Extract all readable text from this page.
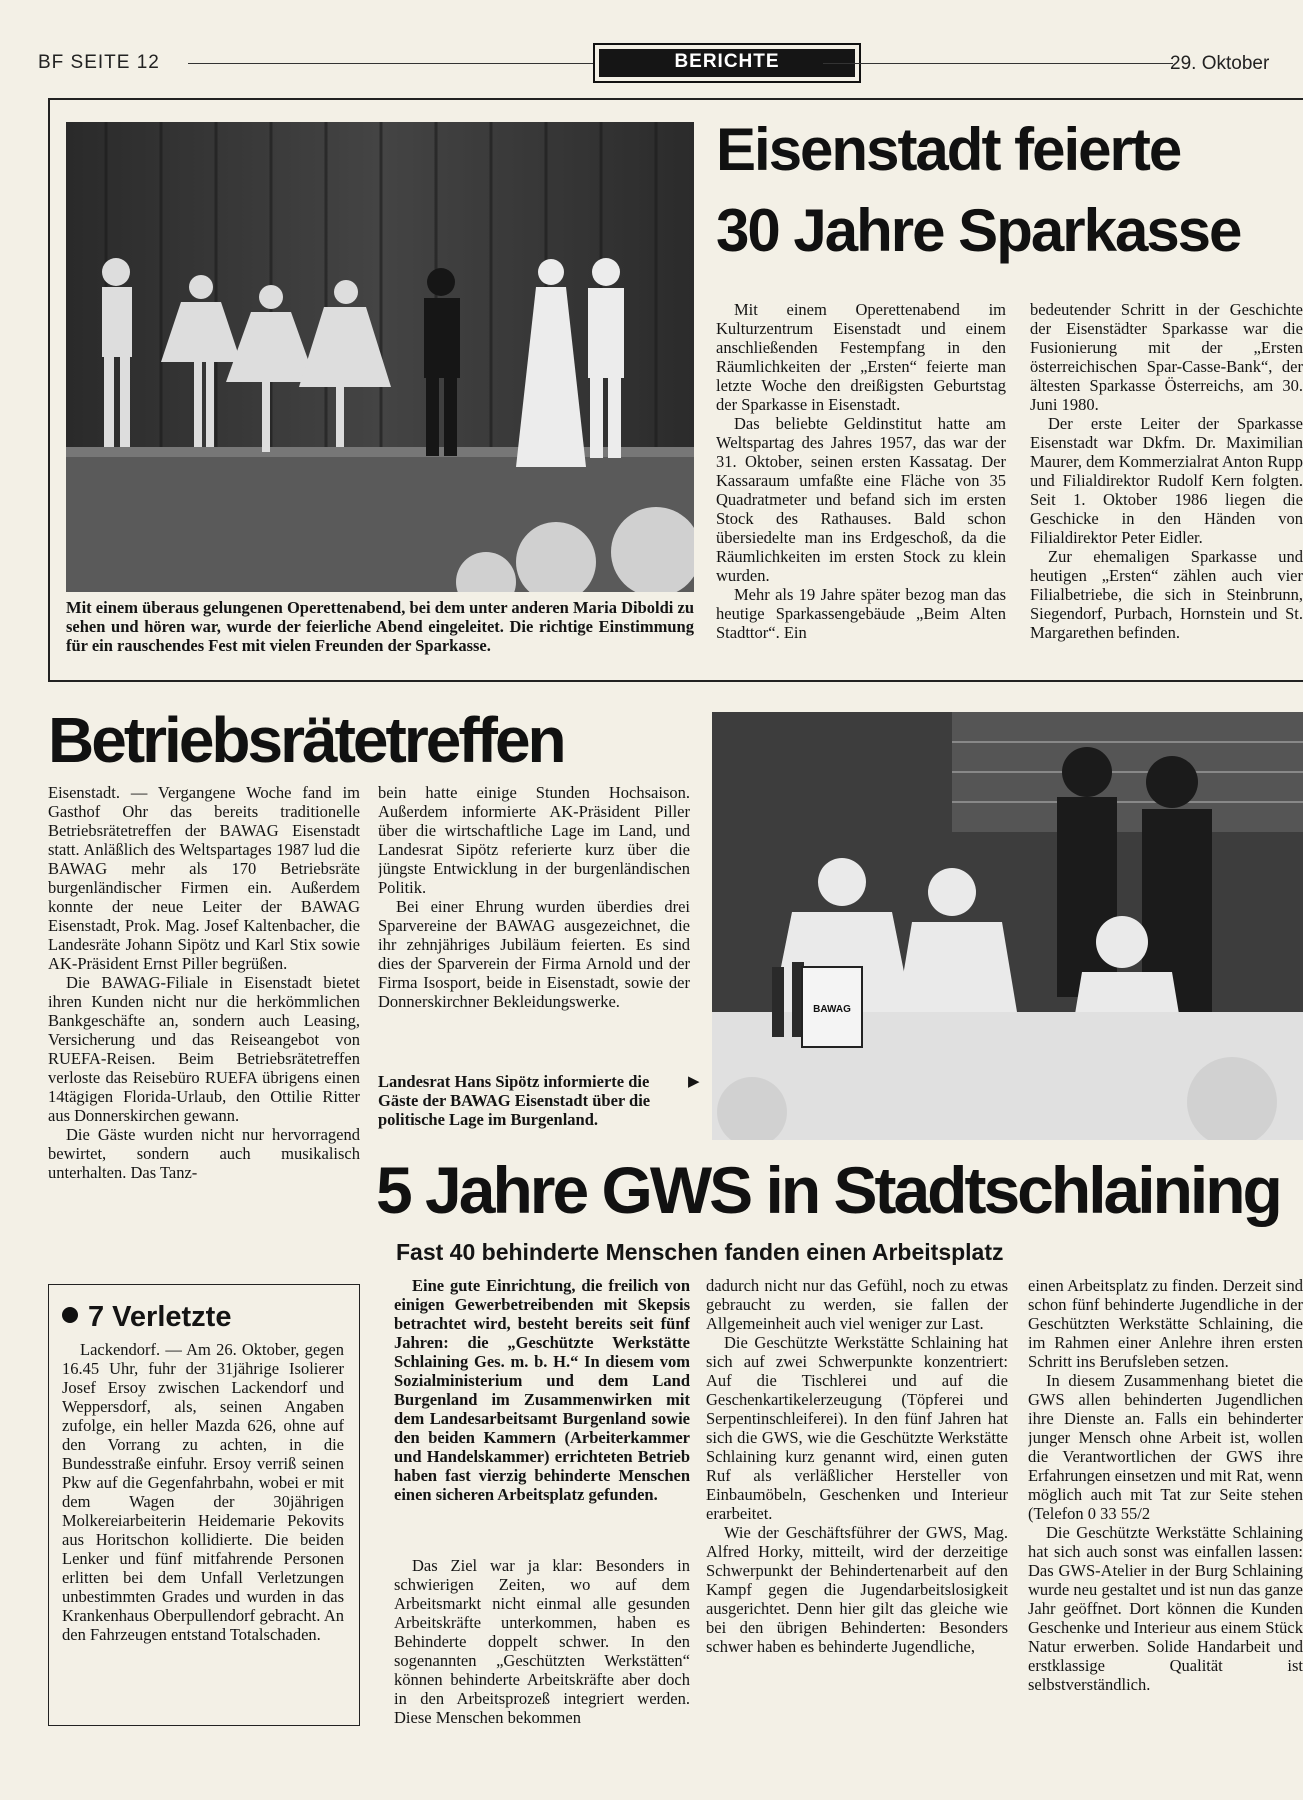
BF SEITE 12	BERICHTE	29. Oktober

Mit einem überaus gelungenen Operettenabend, bei dem unter anderen Maria Diboldi zu sehen und hören war, wurde der feierliche Abend eingeleitet. Die richtige Einstimmung für ein rauschendes Fest mit vielen Freunden der Sparkasse.

Eisenstadt feierte
30 Jahre Sparkasse

Mit einem Operettenabend im Kulturzentrum Eisenstadt und einem anschließenden Festempfang in den Räumlichkeiten der „Ersten“ feierte man letzte Woche den dreißigsten Geburtstag der Sparkasse in Eisenstadt.

Das beliebte Geldinstitut hatte am Weltspartag des Jahres 1957, das war der 31. Oktober, seinen ersten Kassatag. Der Kassaraum umfaßte eine Fläche von 35 Quadratmeter und befand sich im ersten Stock des Rathauses. Bald schon übersiedelte man ins Erdgeschoß, da die Räumlichkeiten im ersten Stock zu klein wurden.

Mehr als 19 Jahre später bezog man das heutige Sparkassengebäude „Beim Alten Stadttor“. Ein

bedeutender Schritt in der Geschichte der Eisenstädter Sparkasse war die Fusionierung mit der „Ersten österreichischen Spar-Casse-Bank“, der ältesten Sparkasse Österreichs, am 30. Juni 1980.

Der erste Leiter der Sparkasse Eisenstadt war Dkfm. Dr. Maximilian Maurer, dem Kommerzialrat Anton Rupp und Filialdirektor Rudolf Kern folgten. Seit 1. Oktober 1986 liegen die Geschicke in den Händen von Filialdirektor Peter Eidler.

Zur ehemaligen Sparkasse und heutigen „Ersten“ zählen auch vier Filialbetriebe, die sich in Steinbrunn, Siegendorf, Purbach, Hornstein und St. Margarethen befinden.

Betriebsrätetreffen

Eisenstadt. — Vergangene Woche fand im Gasthof Ohr das bereits traditionelle Betriebsrätetreffen der BAWAG Eisenstadt statt. Anläßlich des Weltspartages 1987 lud die BAWAG mehr als 170 Betriebsräte burgenländischer Firmen ein. Außerdem konnte der neue Leiter der BAWAG Eisenstadt, Prok. Mag. Josef Kaltenbacher, die Landesräte Johann Sipötz und Karl Stix sowie AK-Präsident Ernst Piller begrüßen.

Die BAWAG-Filiale in Eisenstadt bietet ihren Kunden nicht nur die herkömmlichen Bankgeschäfte an, sondern auch Leasing, Versicherung und das Reiseangebot von RUEFA-Reisen. Beim Betriebsrätetreffen verloste das Reisebüro RUEFA übrigens einen 14tägigen Florida-Urlaub, den Ottilie Ritter aus Donnerskirchen gewann.

Die Gäste wurden nicht nur hervorragend bewirtet, sondern auch musikalisch unterhalten. Das Tanz-

bein hatte einige Stunden Hochsaison. Außerdem informierte AK-Präsident Piller über die wirtschaftliche Lage im Land, und Landesrat Sipötz referierte kurz über die jüngste Entwicklung in der burgenländischen Politik.

Bei einer Ehrung wurden überdies drei Sparvereine der BAWAG ausgezeichnet, die ihr zehnjähriges Jubiläum feierten. Es sind dies der Sparverein der Firma Arnold und der Firma Isosport, beide in Eisenstadt, sowie der Donnerskirchner Bekleidungswerke.

Landesrat Hans Sipötz informierte die Gäste der BAWAG Eisenstadt über die politische Lage im Burgenland.

▶
BAWAG
7 Verletzte

Lackendorf. — Am 26. Oktober, gegen 16.45 Uhr, fuhr der 31jährige Isolierer Josef Ersoy zwischen Lackendorf und Weppersdorf, als, seinen Angaben zufolge, ein heller Mazda 626, ohne auf den Vorrang zu achten, in die Bundesstraße einfuhr. Ersoy verriß seinen Pkw auf die Gegenfahrbahn, wobei er mit dem Wagen der 30jährigen Molkereiarbeiterin Heidemarie Pekovits aus Horitschon kollidierte. Die beiden Lenker und fünf mitfahrende Personen erlitten bei dem Unfall Verletzungen unbestimmten Grades und wurden in das Krankenhaus Oberpullendorf gebracht. An den Fahrzeugen entstand Totalschaden.

5 Jahre GWS in Stadtschlaining
Fast 40 behinderte Menschen fanden einen Arbeitsplatz

Eine gute Einrichtung, die freilich von einigen Gewerbetreibenden mit Skepsis betrachtet wird, besteht bereits seit fünf Jahren: die „Geschützte Werkstätte Schlaining Ges. m. b. H.“ In diesem vom Sozialministerium und dem Land Burgenland im Zusammenwirken mit dem Landesarbeitsamt Burgenland sowie den beiden Kammern (Arbeiterkammer und Handelskammer) errichteten Betrieb haben fast vierzig behinderte Menschen einen sicheren Arbeitsplatz gefunden.

Das Ziel war ja klar: Besonders in schwierigen Zeiten, wo auf dem Arbeitsmarkt nicht einmal alle gesunden Arbeitskräfte unterkommen, haben es Behinderte doppelt schwer. In den sogenannten „Geschützten Werkstätten“ können behinderte Arbeitskräfte aber doch in den Arbeitsprozeß integriert werden. Diese Menschen bekommen

dadurch nicht nur das Gefühl, noch zu etwas gebraucht zu werden, sie fallen der Allgemeinheit auch viel weniger zur Last.

Die Geschützte Werkstätte Schlaining hat sich auf zwei Schwerpunkte konzentriert: Auf die Tischlerei und auf die Geschenkartikelerzeugung (Töpferei und Serpentinschleiferei). In den fünf Jahren hat sich die GWS, wie die Geschützte Werkstätte Schlaining kurz genannt wird, einen guten Ruf als verläßlicher Hersteller von Einbaumöbeln, Geschenken und Interieur erarbeitet.

Wie der Geschäftsführer der GWS, Mag. Alfred Horky, mitteilt, wird der derzeitige Schwerpunkt der Behindertenarbeit auf den Kampf gegen die Jugendarbeitslosigkeit ausgerichtet. Denn hier gilt das gleiche wie bei den übrigen Behinderten: Besonders schwer haben es behinderte Jugendliche,

einen Arbeitsplatz zu finden. Derzeit sind schon fünf behinderte Jugendliche in der Geschützten Werkstätte Schlaining, die im Rahmen einer Anlehre ihren ersten Schritt ins Berufsleben setzen.

In diesem Zusammenhang bietet die GWS allen behinderten Jugendlichen ihre Dienste an. Falls ein behinderter junger Mensch ohne Arbeit ist, wollen die Verantwortlichen der GWS ihre Erfahrungen einsetzen und mit Rat, wenn möglich auch mit Tat zur Seite stehen (Telefon 0 33 55/2

Die Geschützte Werkstätte Schlaining hat sich auch sonst was einfallen lassen: Das GWS-Atelier in der Burg Schlaining wurde neu gestaltet und ist nun das ganze Jahr geöffnet. Dort können die Kunden Geschenke und Interieur aus einem Stück Natur erwerben. Solide Handarbeit und erstklassige Qualität ist selbstverständlich.
